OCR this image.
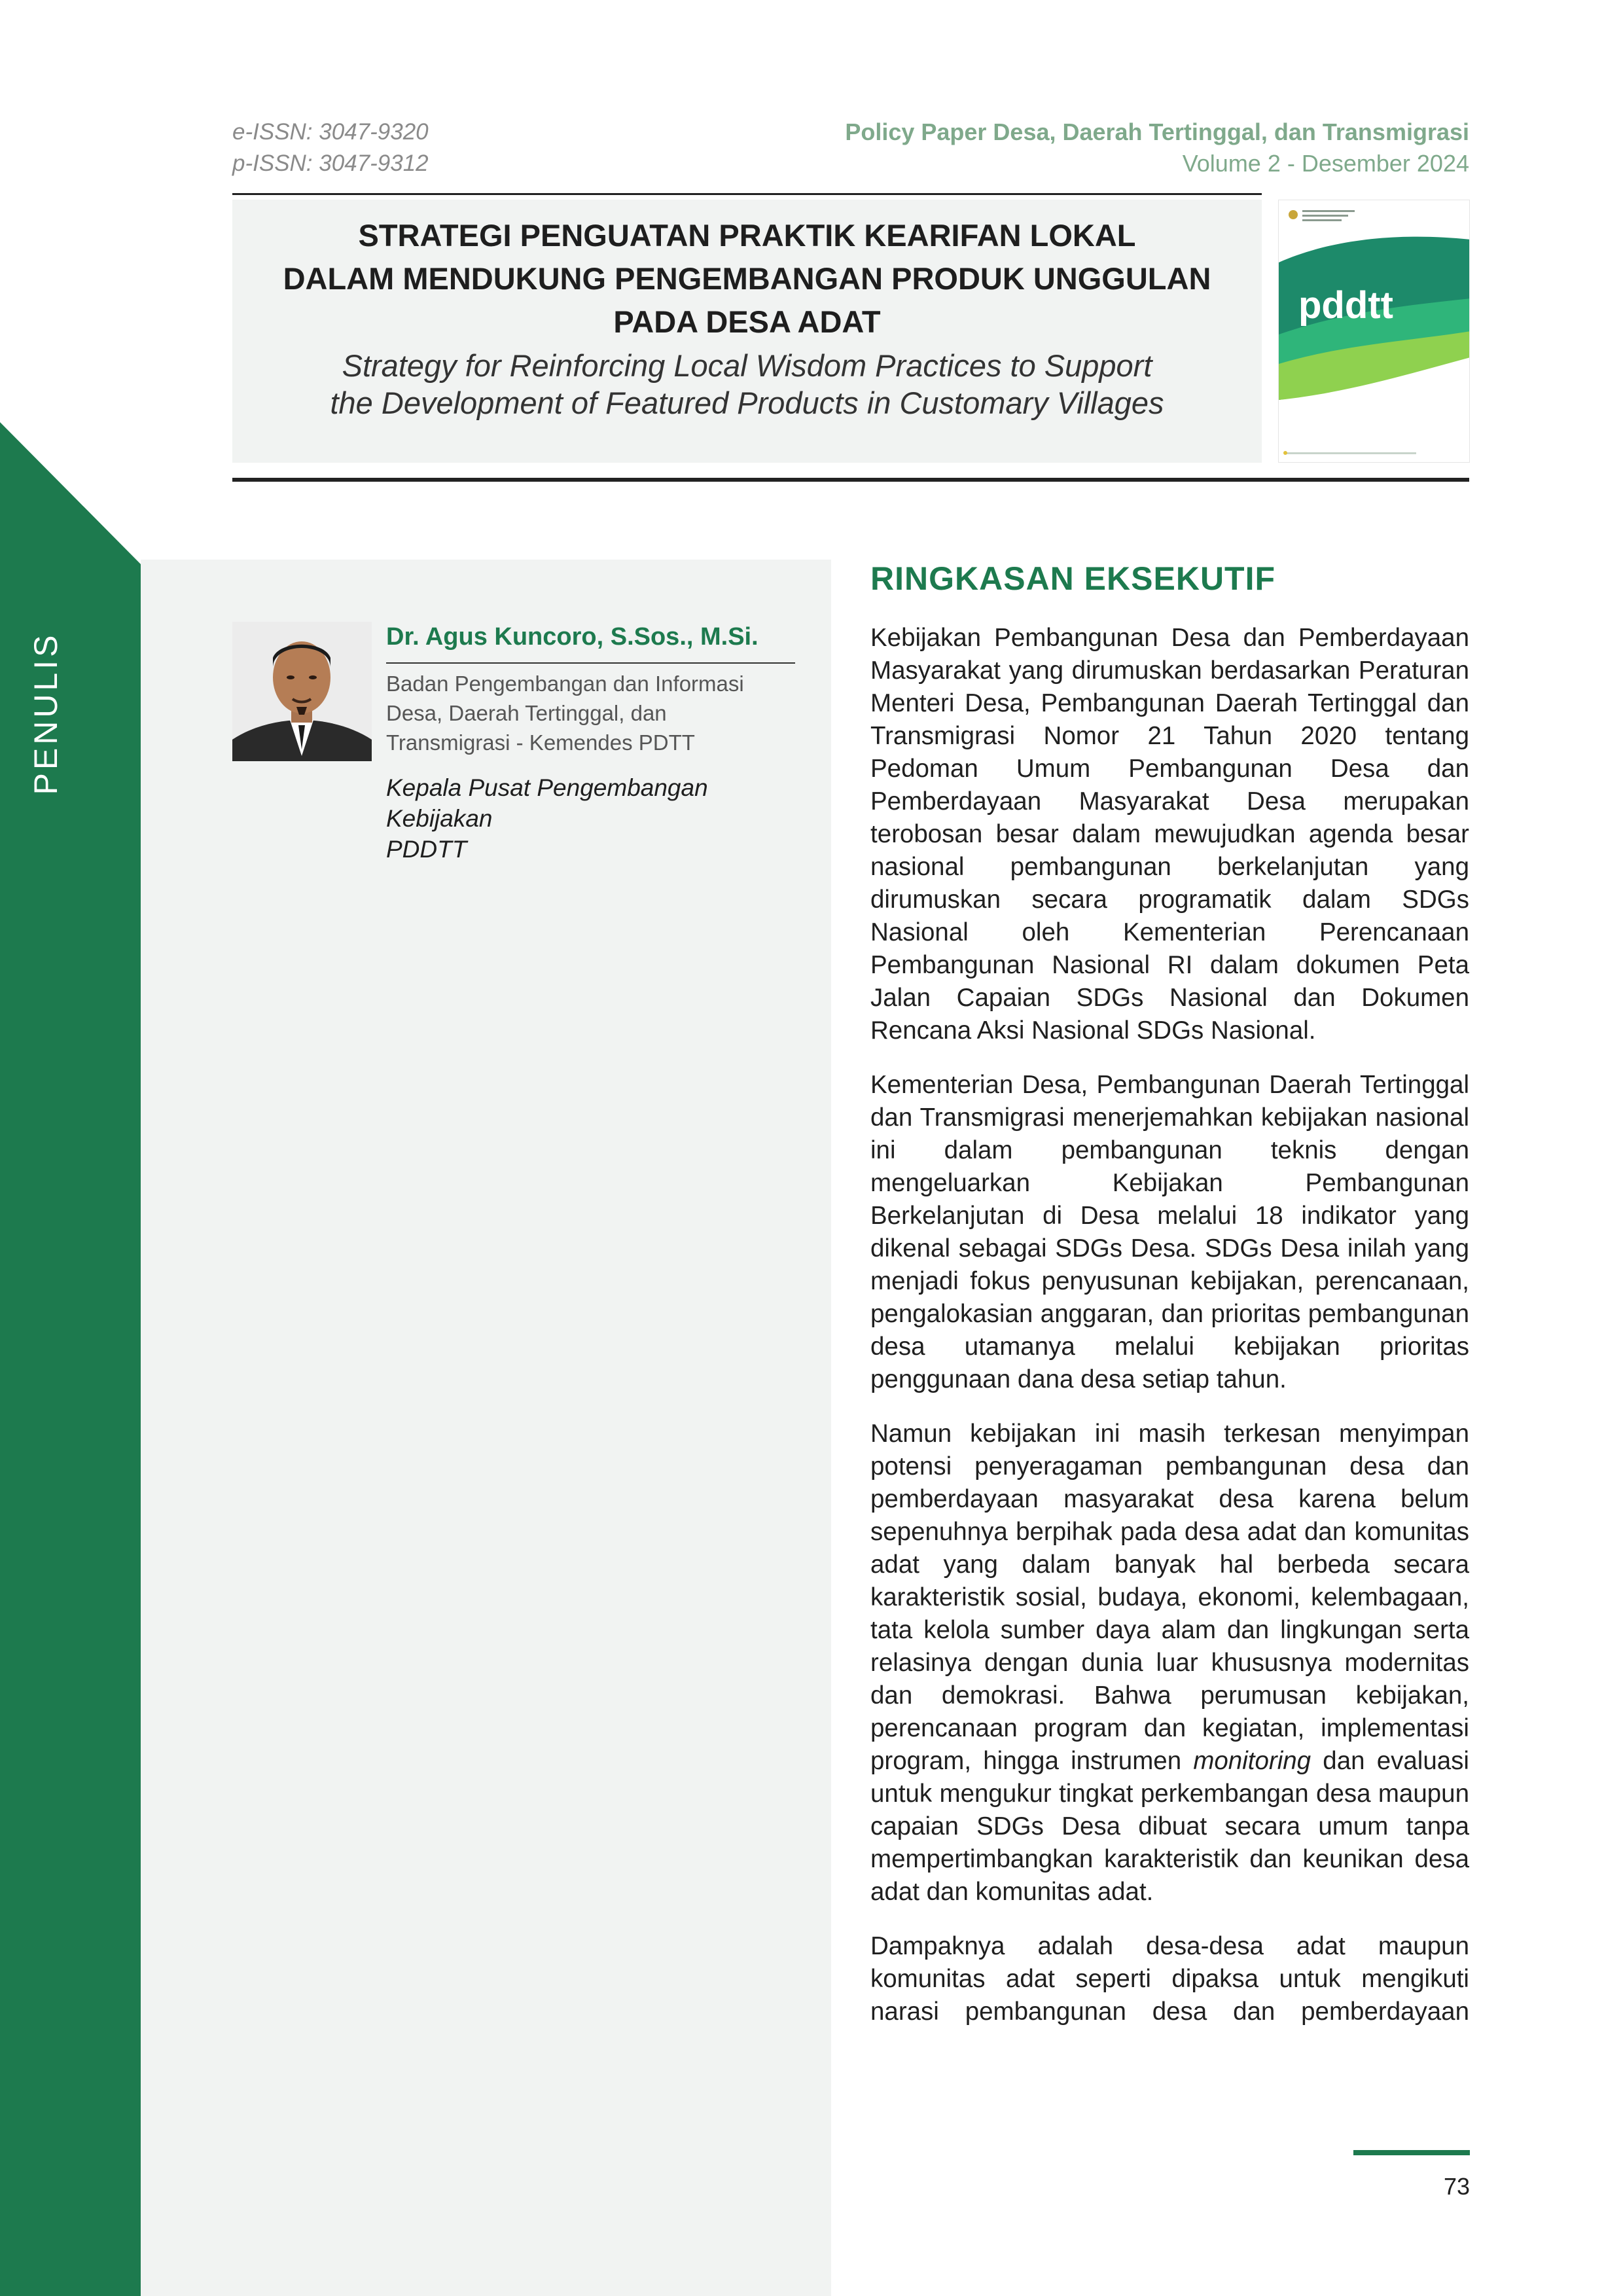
PENULIS
e-ISSN: 3047-9320
p-ISSN: 3047-9312
Policy Paper Desa, Daerah Tertinggal, dan Transmigrasi
Volume 2 - Desember 2024
STRATEGI PENGUATAN PRAKTIK KEARIFAN LOKAL
DALAM MENDUKUNG PENGEMBANGAN PRODUK UNGGULAN
PADA DESA ADAT
Strategy for Reinforcing Local Wisdom Practices to Support
the Development of Featured Products in Customary Villages
pddtt
Dr. Agus Kuncoro, S.Sos., M.Si.
Badan Pengembangan dan Informasi
Desa, Daerah Tertinggal, dan
Transmigrasi - Kemendes PDTT
Kepala Pusat Pengembangan Kebijakan
PDDTT
RINGKASAN EKSEKUTIF

Kebijakan Pembangunan Desa dan Pemberdayaan Masyarakat yang dirumuskan berdasarkan Peraturan Menteri Desa, Pembangunan Daerah Tertinggal dan Transmigrasi Nomor 21 Tahun 2020 tentang Pedoman Umum Pembangunan Desa dan Pemberdayaan Masyarakat Desa merupakan terobosan besar dalam mewujudkan agenda besar nasional pembangunan berkelanjutan yang dirumuskan secara programatik dalam SDGs Nasional oleh Kementerian Perencanaan Pembangunan Nasional RI dalam dokumen Peta Jalan Capaian SDGs Nasional dan Dokumen Rencana Aksi Nasional SDGs Nasional.

Kementerian Desa, Pembangunan Daerah Tertinggal dan Transmigrasi menerjemahkan kebijakan nasional ini dalam pembangunan teknis dengan mengeluarkan Kebijakan Pembangunan Berkelanjutan di Desa melalui 18 indikator yang dikenal sebagai SDGs Desa. SDGs Desa inilah yang menjadi fokus penyusunan kebijakan, perencanaan, pengalokasian anggaran, dan prioritas pembangunan desa utamanya melalui kebijakan prioritas penggunaan dana desa setiap tahun.

Namun kebijakan ini masih terkesan menyimpan potensi penyeragaman pembangunan desa dan pemberdayaan masyarakat desa karena belum sepenuhnya berpihak pada desa adat dan komunitas adat yang dalam banyak hal berbeda secara karakteristik sosial, budaya, ekonomi, kelembagaan, tata kelola sumber daya alam dan lingkungan serta relasinya dengan dunia luar khususnya modernitas dan demokrasi. Bahwa perumusan kebijakan, perencanaan program dan kegiatan, implementasi program, hingga instrumen monitoring dan evaluasi untuk mengukur tingkat perkembangan desa maupun capaian SDGs Desa dibuat secara umum tanpa mempertimbangkan karakteristik dan keunikan desa adat dan komunitas adat.

Dampaknya adalah desa-desa adat maupun komunitas adat seperti dipaksa untuk mengikuti narasi pembangunan desa dan pemberdayaan

73
